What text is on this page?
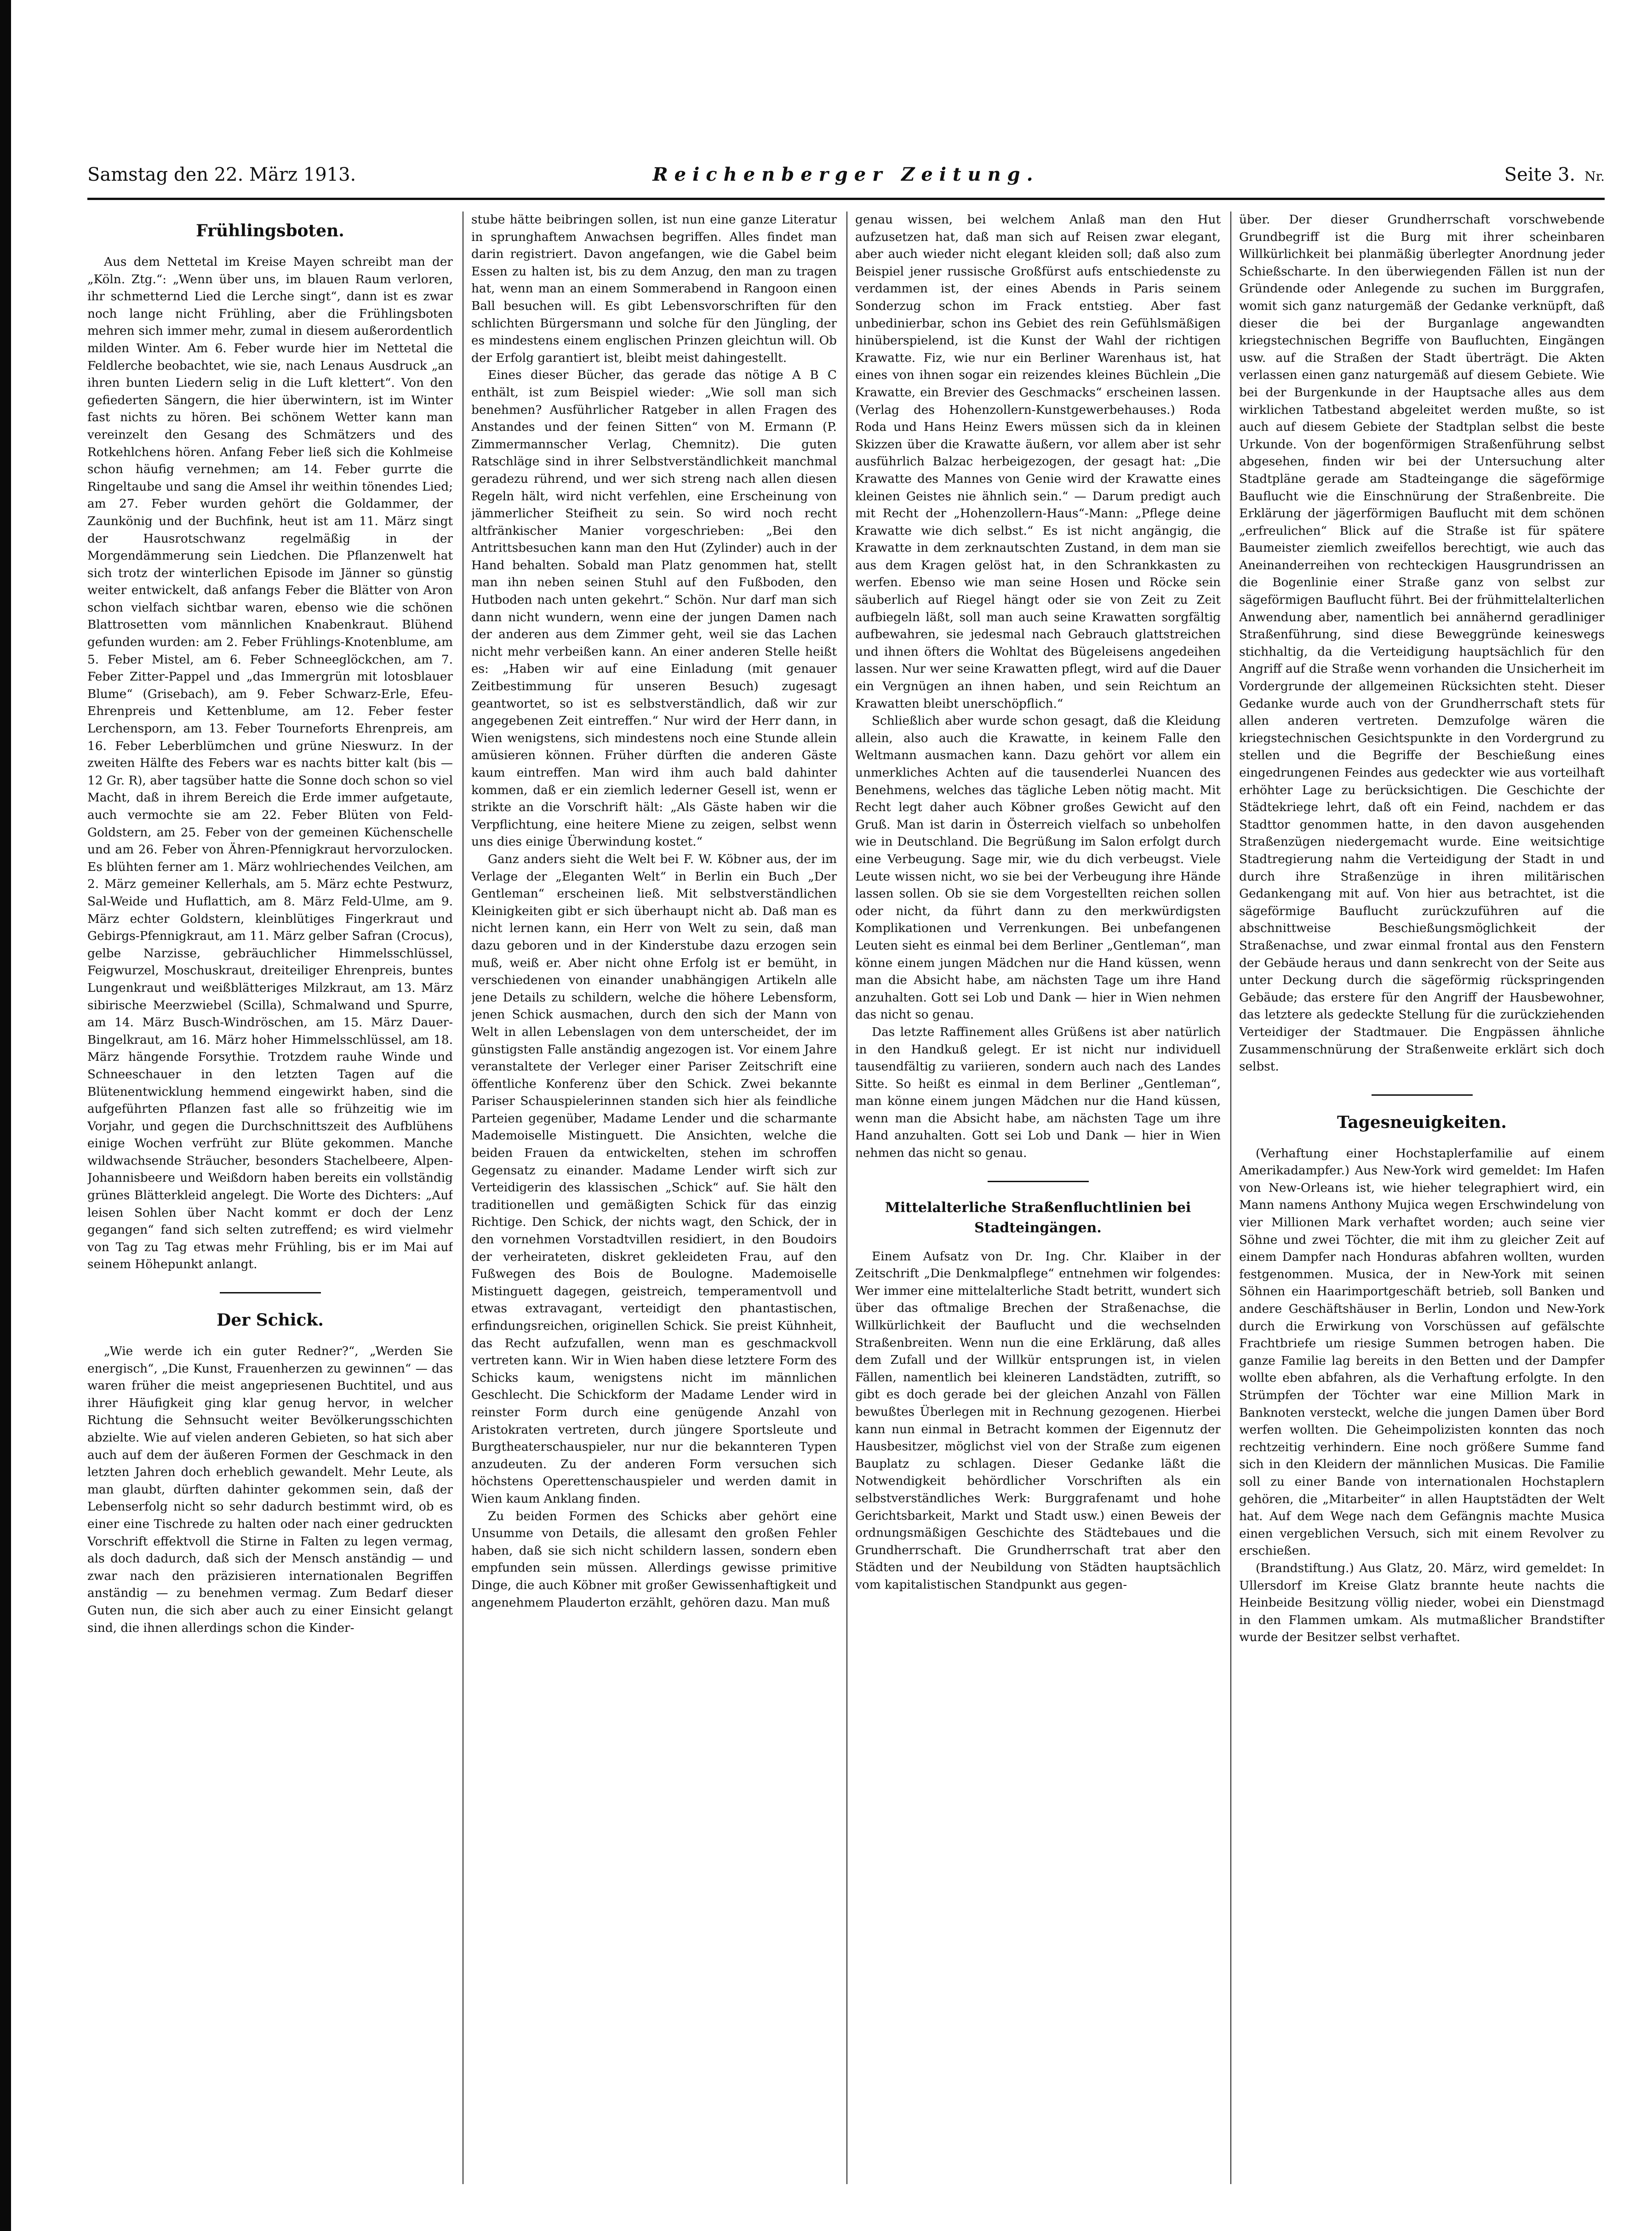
Samstag den 22. März 1913.	Reichenberger Zeitung.	Seite 3. Nr.
Frühlingsboten.

Aus dem Nettetal im Kreise Mayen schreibt man der „Köln. Ztg.“: „Wenn über uns, im blauen Raum verloren, ihr schmetternd Lied die Lerche singt“, dann ist es zwar noch lange nicht Frühling, aber die Frühlingsboten mehren sich immer mehr, zumal in diesem außerordentlich milden Winter. Am 6. Feber wurde hier im Nettetal die Feldlerche beobachtet, wie sie, nach Lenaus Ausdruck „an ihren bunten Liedern selig in die Luft klettert“. Von den gefiederten Sängern, die hier überwintern, ist im Winter fast nichts zu hören. Bei schönem Wetter kann man vereinzelt den Gesang des Schmätzers und des Rotkehlchens hören. Anfang Feber ließ sich die Kohlmeise schon häufig vernehmen; am 14. Feber gurrte die Ringeltaube und sang die Amsel ihr weithin tönendes Lied; am 27. Feber wurden gehört die Goldammer, der Zaunkönig und der Buchfink, heut ist am 11. März singt der Hausrotschwanz regelmäßig in der Morgendämmerung sein Liedchen. Die Pflanzenwelt hat sich trotz der winterlichen Episode im Jänner so günstig weiter entwickelt, daß anfangs Feber die Blätter von Aron schon vielfach sichtbar waren, ebenso wie die schönen Blattrosetten vom männlichen Knabenkraut. Blühend gefunden wurden: am 2. Feber Frühlings-Knotenblume, am 5. Feber Mistel, am 6. Feber Schneeglöckchen, am 7. Feber Zitter-Pappel und „das Immergrün mit lotosblauer Blume“ (Grisebach), am 9. Feber Schwarz-Erle, Efeu-Ehrenpreis und Kettenblume, am 12. Feber fester Lerchensporn, am 13. Feber Tourneforts Ehrenpreis, am 16. Feber Leberblümchen und grüne Nieswurz. In der zweiten Hälfte des Febers war es nachts bitter kalt (bis — 12 Gr. R), aber tagsüber hatte die Sonne doch schon so viel Macht, daß in ihrem Bereich die Erde immer aufgetaute, auch vermochte sie am 22. Feber Blüten von Feld-Goldstern, am 25. Feber von der gemeinen Küchenschelle und am 26. Feber von Ähren-Pfennigkraut hervorzulocken. Es blühten ferner am 1. März wohlriechendes Veilchen, am 2. März gemeiner Kellerhals, am 5. März echte Pestwurz, Sal-Weide und Huflattich, am 8. März Feld-Ulme, am 9. März echter Goldstern, kleinblütiges Fingerkraut und Gebirgs-Pfennigkraut, am 11. März gelber Safran (Crocus), gelbe Narzisse, gebräuchlicher Himmelsschlüssel, Feigwurzel, Moschuskraut, dreiteiliger Ehrenpreis, buntes Lungenkraut und weißblätteriges Milzkraut, am 13. März sibirische Meerzwiebel (Scilla), Schmalwand und Spurre, am 14. März Busch-Windröschen, am 15. März Dauer-Bingelkraut, am 16. März hoher Himmelsschlüssel, am 18. März hängende Forsythie. Trotzdem rauhe Winde und Schneeschauer in den letzten Tagen auf die Blütenentwicklung hemmend eingewirkt haben, sind die aufgeführten Pflanzen fast alle so frühzeitig wie im Vorjahr, und gegen die Durchschnittszeit des Aufblühens einige Wochen verfrüht zur Blüte gekommen. Manche wildwachsende Sträucher, besonders Stachelbeere, Alpen-Johannisbeere und Weißdorn haben bereits ein vollständig grünes Blätterkleid angelegt. Die Worte des Dichters: „Auf leisen Sohlen über Nacht kommt er doch der Lenz gegangen“ fand sich selten zutreffend; es wird vielmehr von Tag zu Tag etwas mehr Frühling, bis er im Mai auf seinem Höhepunkt anlangt.

Der Schick.

„Wie werde ich ein guter Redner?“, „Werden Sie energisch“, „Die Kunst, Frauenherzen zu gewinnen“ — das waren früher die meist angepriesenen Buchtitel, und aus ihrer Häufigkeit ging klar genug hervor, in welcher Richtung die Sehnsucht weiter Bevölkerungsschichten abzielte. Wie auf vielen anderen Gebieten, so hat sich aber auch auf dem der äußeren Formen der Geschmack in den letzten Jahren doch erheblich gewandelt. Mehr Leute, als man glaubt, dürften dahinter gekommen sein, daß der Lebenserfolg nicht so sehr dadurch bestimmt wird, ob es einer eine Tischrede zu halten oder nach einer gedruckten Vorschrift effektvoll die Stirne in Falten zu legen vermag, als doch dadurch, daß sich der Mensch anständig — und zwar nach den präzisieren internationalen Begriffen anständig — zu benehmen vermag. Zum Bedarf dieser Guten nun, die sich aber auch zu einer Einsicht gelangt sind, die ihnen allerdings schon die Kinder-

stube hätte beibringen sollen, ist nun eine ganze Literatur in sprunghaftem Anwachsen begriffen. Alles findet man darin registriert. Davon angefangen, wie die Gabel beim Essen zu halten ist, bis zu dem Anzug, den man zu tragen hat, wenn man an einem Sommerabend in Rangoon einen Ball besuchen will. Es gibt Lebensvorschriften für den schlichten Bürgersmann und solche für den Jüngling, der es mindestens einem englischen Prinzen gleichtun will. Ob der Erfolg garantiert ist, bleibt meist dahingestellt.

Eines dieser Bücher, das gerade das nötige A B C enthält, ist zum Beispiel wieder: „Wie soll man sich benehmen? Ausführlicher Ratgeber in allen Fragen des Anstandes und der feinen Sitten“ von M. Ermann (P. Zimmermannscher Verlag, Chemnitz). Die guten Ratschläge sind in ihrer Selbstverständlichkeit manchmal geradezu rührend, und wer sich streng nach allen diesen Regeln hält, wird nicht verfehlen, eine Erscheinung von jämmerlicher Steifheit zu sein. So wird noch recht altfränkischer Manier vorgeschrieben: „Bei den Antrittsbesuchen kann man den Hut (Zylinder) auch in der Hand behalten. Sobald man Platz genommen hat, stellt man ihn neben seinen Stuhl auf den Fußboden, den Hutboden nach unten gekehrt.“ Schön. Nur darf man sich dann nicht wundern, wenn eine der jungen Damen nach der anderen aus dem Zimmer geht, weil sie das Lachen nicht mehr verbeißen kann. An einer anderen Stelle heißt es: „Haben wir auf eine Einladung (mit genauer Zeitbestimmung für unseren Besuch) zugesagt geantwortet, so ist es selbstverständlich, daß wir zur angegebenen Zeit eintreffen.“ Nur wird der Herr dann, in Wien wenigstens, sich mindestens noch eine Stunde allein amüsieren können. Früher dürften die anderen Gäste kaum eintreffen. Man wird ihm auch bald dahinter kommen, daß er ein ziemlich lederner Gesell ist, wenn er strikte an die Vorschrift hält: „Als Gäste haben wir die Verpflichtung, eine heitere Miene zu zeigen, selbst wenn uns dies einige Überwindung kostet.“

Ganz anders sieht die Welt bei F. W. Köbner aus, der im Verlage der „Eleganten Welt“ in Berlin ein Buch „Der Gentleman“ erscheinen ließ. Mit selbstverständlichen Kleinigkeiten gibt er sich überhaupt nicht ab. Daß man es nicht lernen kann, ein Herr von Welt zu sein, daß man dazu geboren und in der Kinderstube dazu erzogen sein muß, weiß er. Aber nicht ohne Erfolg ist er bemüht, in verschiedenen von einander unabhängigen Artikeln alle jene Details zu schildern, welche die höhere Lebensform, jenen Schick ausmachen, durch den sich der Mann von Welt in allen Lebenslagen von dem unterscheidet, der im günstigsten Falle anständig angezogen ist. Vor einem Jahre veranstaltete der Verleger einer Pariser Zeitschrift eine öffentliche Konferenz über den Schick. Zwei bekannte Pariser Schauspielerinnen standen sich hier als feindliche Parteien gegenüber, Madame Lender und die scharmante Mademoiselle Mistinguett. Die Ansichten, welche die beiden Frauen da entwickelten, stehen im schroffen Gegensatz zu einander. Madame Lender wirft sich zur Verteidigerin des klassischen „Schick“ auf. Sie hält den traditionellen und gemäßigten Schick für das einzig Richtige. Den Schick, der nichts wagt, den Schick, der in den vornehmen Vorstadtvillen residiert, in den Boudoirs der verheirateten, diskret gekleideten Frau, auf den Fußwegen des Bois de Boulogne. Mademoiselle Mistinguett dagegen, geistreich, temperamentvoll und etwas extravagant, verteidigt den phantastischen, erfindungsreichen, originellen Schick. Sie preist Kühnheit, das Recht aufzufallen, wenn man es geschmackvoll vertreten kann. Wir in Wien haben diese letztere Form des Schicks kaum, wenigstens nicht im männlichen Geschlecht. Die Schickform der Madame Lender wird in reinster Form durch eine genügende Anzahl von Aristokraten vertreten, durch jüngere Sportsleute und Burgtheaterschauspieler, nur nur die bekannteren Typen anzudeuten. Zu der anderen Form versuchen sich höchstens Operettenschauspieler und werden damit in Wien kaum Anklang finden.

Zu beiden Formen des Schicks aber gehört eine Unsumme von Details, die allesamt den großen Fehler haben, daß sie sich nicht schildern lassen, sondern eben empfunden sein müssen. Allerdings gewisse primitive Dinge, die auch Köbner mit großer Gewissenhaftigkeit und angenehmem Plauderton erzählt, gehören dazu. Man muß

genau wissen, bei welchem Anlaß man den Hut aufzusetzen hat, daß man sich auf Reisen zwar elegant, aber auch wieder nicht elegant kleiden soll; daß also zum Beispiel jener russische Großfürst aufs entschiedenste zu verdammen ist, der eines Abends in Paris seinem Sonderzug schon im Frack entstieg. Aber fast unbedinierbar, schon ins Gebiet des rein Gefühlsmäßigen hinüberspielend, ist die Kunst der Wahl der richtigen Krawatte. Fiz, wie nur ein Berliner Warenhaus ist, hat eines von ihnen sogar ein reizendes kleines Büchlein „Die Krawatte, ein Brevier des Geschmacks“ erscheinen lassen. (Verlag des Hohenzollern-Kunstgewerbehauses.) Roda Roda und Hans Heinz Ewers müssen sich da in kleinen Skizzen über die Krawatte äußern, vor allem aber ist sehr ausführlich Balzac herbeigezogen, der gesagt hat: „Die Krawatte des Mannes von Genie wird der Krawatte eines kleinen Geistes nie ähnlich sein.“ — Darum predigt auch mit Recht der „Hohenzollern-Haus“-Mann: „Pflege deine Krawatte wie dich selbst.“ Es ist nicht angängig, die Krawatte in dem zerknautschten Zustand, in dem man sie aus dem Kragen gelöst hat, in den Schrankkasten zu werfen. Ebenso wie man seine Hosen und Röcke sein säuberlich auf Riegel hängt oder sie von Zeit zu Zeit aufbiegeln läßt, soll man auch seine Krawatten sorgfältig aufbewahren, sie jedesmal nach Gebrauch glattstreichen und ihnen öfters die Wohltat des Bügeleisens angedeihen lassen. Nur wer seine Krawatten pflegt, wird auf die Dauer ein Vergnügen an ihnen haben, und sein Reichtum an Krawatten bleibt unerschöpflich.“

Schließlich aber wurde schon gesagt, daß die Kleidung allein, also auch die Krawatte, in keinem Falle den Weltmann ausmachen kann. Dazu gehört vor allem ein unmerkliches Achten auf die tausenderlei Nuancen des Benehmens, welches das tägliche Leben nötig macht. Mit Recht legt daher auch Köbner großes Gewicht auf den Gruß. Man ist darin in Österreich vielfach so unbeholfen wie in Deutschland. Die Begrüßung im Salon erfolgt durch eine Verbeugung. Sage mir, wie du dich verbeugst. Viele Leute wissen nicht, wo sie bei der Verbeugung ihre Hände lassen sollen. Ob sie sie dem Vorgestellten reichen sollen oder nicht, da führt dann zu den merkwürdigsten Komplikationen und Verrenkungen. Bei unbefangenen Leuten sieht es einmal bei dem Berliner „Gentleman“, man könne einem jungen Mädchen nur die Hand küssen, wenn man die Absicht habe, am nächsten Tage um ihre Hand anzuhalten. Gott sei Lob und Dank — hier in Wien nehmen das nicht so genau.

Das letzte Raffinement alles Grüßens ist aber natürlich in den Handkuß gelegt. Er ist nicht nur individuell tausendfältig zu variieren, sondern auch nach des Landes Sitte. So heißt es einmal in dem Berliner „Gentleman“, man könne einem jungen Mädchen nur die Hand küssen, wenn man die Absicht habe, am nächsten Tage um ihre Hand anzuhalten. Gott sei Lob und Dank — hier in Wien nehmen das nicht so genau.

Mittelalterliche Straßenfluchtlinien bei Stadteingängen.

Einem Aufsatz von Dr. Ing. Chr. Klaiber in der Zeitschrift „Die Denkmalpflege“ entnehmen wir folgendes: Wer immer eine mittelalterliche Stadt betritt, wundert sich über das oftmalige Brechen der Straßenachse, die Willkürlichkeit der Bauflucht und die wechselnden Straßenbreiten. Wenn nun die eine Erklärung, daß alles dem Zufall und der Willkür entsprungen ist, in vielen Fällen, namentlich bei kleineren Landstädten, zutrifft, so gibt es doch gerade bei der gleichen Anzahl von Fällen bewußtes Überlegen mit in Rechnung gezogenen. Hierbei kann nun einmal in Betracht kommen der Eigennutz der Hausbesitzer, möglichst viel von der Straße zum eigenen Bauplatz zu schlagen. Dieser Gedanke läßt die Notwendigkeit behördlicher Vorschriften als ein selbstverständliches Werk: Burggrafenamt und hohe Gerichtsbarkeit, Markt und Stadt usw.) einen Beweis der ordnungsmäßigen Geschichte des Städtebaues und die Grundherrschaft. Die Grundherrschaft trat aber den Städten und der Neubildung von Städten hauptsächlich vom kapitalistischen Standpunkt aus gegen-

über. Der dieser Grundherrschaft vorschwebende Grundbegriff ist die Burg mit ihrer scheinbaren Willkürlichkeit bei planmäßig überlegter Anordnung jeder Schießscharte. In den überwiegenden Fällen ist nun der Gründende oder Anlegende zu suchen im Burggrafen, womit sich ganz naturgemäß der Gedanke verknüpft, daß dieser die bei der Burganlage angewandten kriegstechnischen Begriffe von Baufluchten, Eingängen usw. auf die Straßen der Stadt überträgt. Die Akten verlassen einen ganz naturgemäß auf diesem Gebiete. Wie bei der Burgenkunde in der Hauptsache alles aus dem wirklichen Tatbestand abgeleitet werden mußte, so ist auch auf diesem Gebiete der Stadtplan selbst die beste Urkunde. Von der bogenförmigen Straßenführung selbst abgesehen, finden wir bei der Untersuchung alter Stadtpläne gerade am Stadteingange die sägeförmige Bauflucht wie die Einschnürung der Straßenbreite. Die Erklärung der jägerförmigen Bauflucht mit dem schönen „erfreulichen“ Blick auf die Straße ist für spätere Baumeister ziemlich zweifellos berechtigt, wie auch das Aneinanderreihen von rechteckigen Hausgrundrissen an die Bogenlinie einer Straße ganz von selbst zur sägeförmigen Bauflucht führt. Bei der frühmittelalterlichen Anwendung aber, namentlich bei annähernd geradliniger Straßenführung, sind diese Beweggründe keineswegs stichhaltig, da die Verteidigung hauptsächlich für den Angriff auf die Straße wenn vorhanden die Unsicherheit im Vordergrunde der allgemeinen Rücksichten steht. Dieser Gedanke wurde auch von der Grundherrschaft stets für allen anderen vertreten. Demzufolge wären die kriegstechnischen Gesichtspunkte in den Vordergrund zu stellen und die Begriffe der Beschießung eines eingedrungenen Feindes aus gedeckter wie aus vorteilhaft erhöhter Lage zu berücksichtigen. Die Geschichte der Städtekriege lehrt, daß oft ein Feind, nachdem er das Stadttor genommen hatte, in den davon ausgehenden Straßenzügen niedergemacht wurde. Eine weitsichtige Stadtregierung nahm die Verteidigung der Stadt in und durch ihre Straßenzüge in ihren militärischen Gedankengang mit auf. Von hier aus betrachtet, ist die sägeförmige Bauflucht zurückzuführen auf die abschnittweise Beschießungsmöglichkeit der Straßenachse, und zwar einmal frontal aus den Fenstern der Gebäude heraus und dann senkrecht von der Seite aus unter Deckung durch die sägeförmig rückspringenden Gebäude; das erstere für den Angriff der Hausbewohner, das letztere als gedeckte Stellung für die zurückziehenden Verteidiger der Stadtmauer. Die Engpässen ähnliche Zusammenschnürung der Straßenweite erklärt sich doch selbst.

Tagesneuigkeiten.

(Verhaftung einer Hochstaplerfamilie auf einem Amerikadampfer.) Aus New-York wird gemeldet: Im Hafen von New-Orleans ist, wie hieher telegraphiert wird, ein Mann namens Anthony Mujica wegen Erschwindelung von vier Millionen Mark verhaftet worden; auch seine vier Söhne und zwei Töchter, die mit ihm zu gleicher Zeit auf einem Dampfer nach Honduras abfahren wollten, wurden festgenommen. Musica, der in New-York mit seinen Söhnen ein Haarimportgeschäft betrieb, soll Banken und andere Geschäftshäuser in Berlin, London und New-York durch die Erwirkung von Vorschüssen auf gefälschte Frachtbriefe um riesige Summen betrogen haben. Die ganze Familie lag bereits in den Betten und der Dampfer wollte eben abfahren, als die Verhaftung erfolgte. In den Strümpfen der Töchter war eine Million Mark in Banknoten versteckt, welche die jungen Damen über Bord werfen wollten. Die Geheimpolizisten konnten das noch rechtzeitig verhindern. Eine noch größere Summe fand sich in den Kleidern der männlichen Musicas. Die Familie soll zu einer Bande von internationalen Hochstaplern gehören, die „Mitarbeiter“ in allen Hauptstädten der Welt hat. Auf dem Wege nach dem Gefängnis machte Musica einen vergeblichen Versuch, sich mit einem Revolver zu erschießen.

(Brandstiftung.) Aus Glatz, 20. März, wird gemeldet: In Ullersdorf im Kreise Glatz brannte heute nachts die Heinbeide Besitzung völlig nieder, wobei ein Dienstmagd in den Flammen umkam. Als mutmaßlicher Brandstifter wurde der Besitzer selbst verhaftet.
